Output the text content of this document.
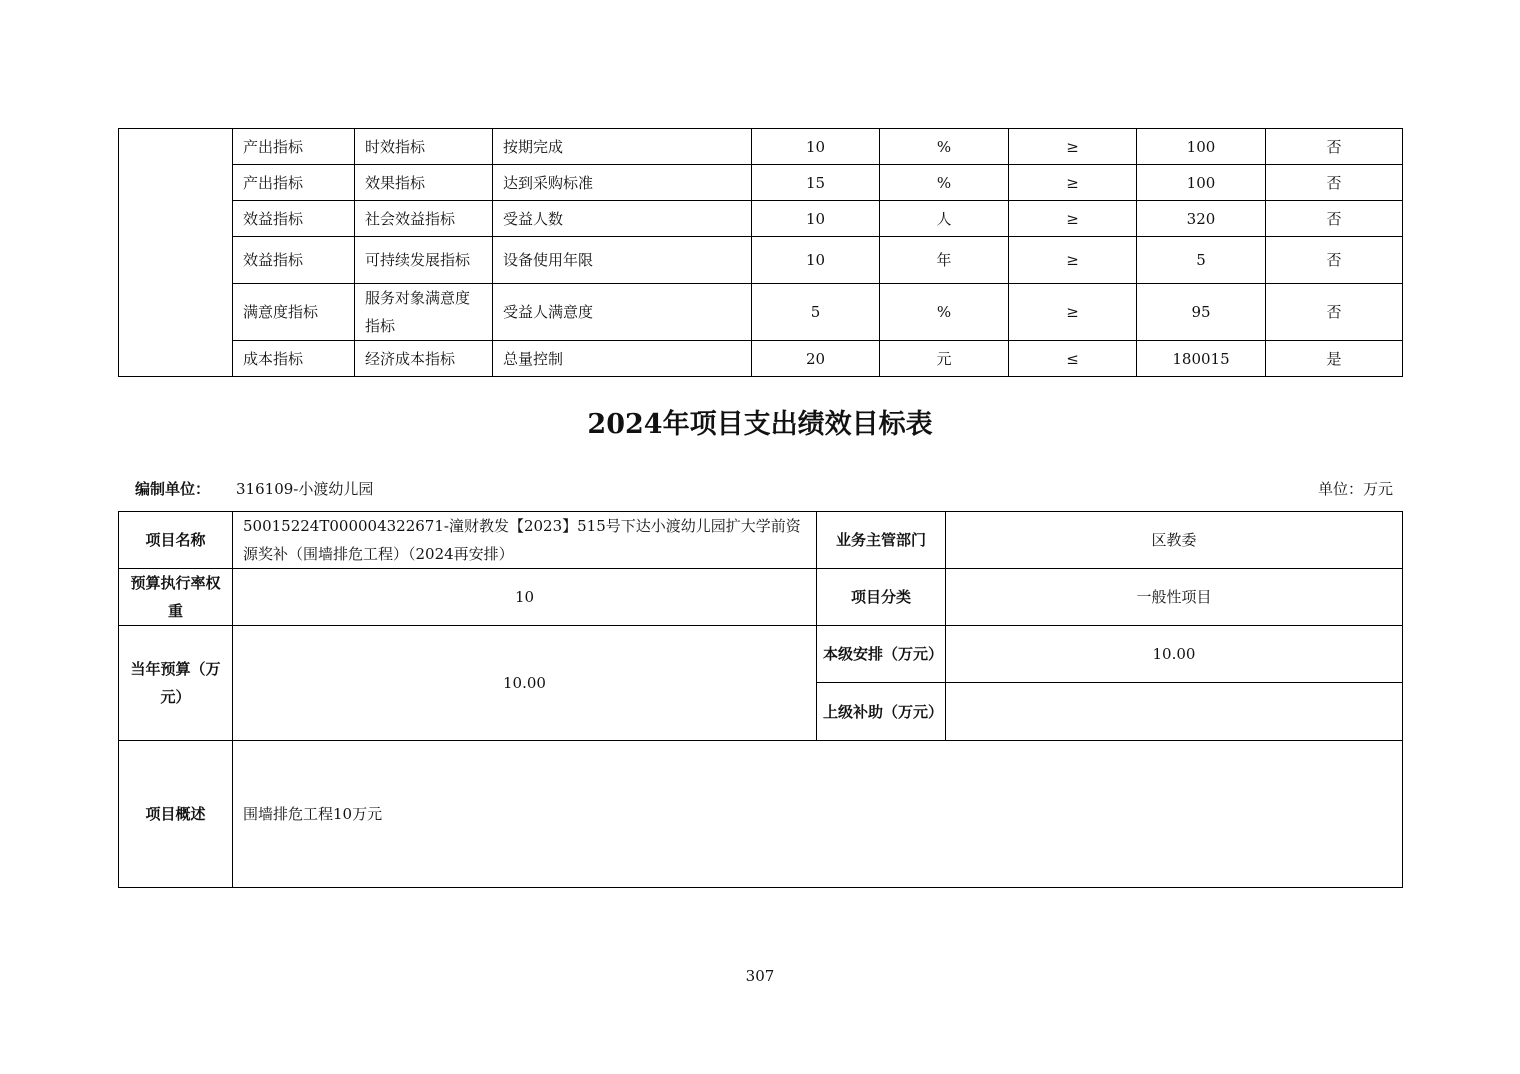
	产出指标	时效指标	按期完成	10	%	≥	100	否
	产出指标	效果指标	达到采购标准	15	%	≥	100	否
	效益指标	社会效益指标	受益人数	10	人	≥	320	否
	效益指标	可持续发展指标	设备使用年限	10	年	≥	5	否
	满意度指标	服务对象满意度指标	受益人满意度	5	%	≥	95	否
	成本指标	经济成本指标	总量控制	20	元	≤	180015	是
2024年项目支出绩效目标表
编制单位： 316109-小渡幼儿园	单位：万元
项目名称	50015224T000004322671-潼财教发【2023】515号下达小渡幼儿园扩大学前资源奖补（围墙排危工程）（2024再安排）	业务主管部门	区教委
预算执行率权重	10	项目分类	一般性项目
当年预算（万元）	10.00	本级安排（万元）	10.00
		上级补助（万元）	
项目概述	围墙排危工程10万元		
307
